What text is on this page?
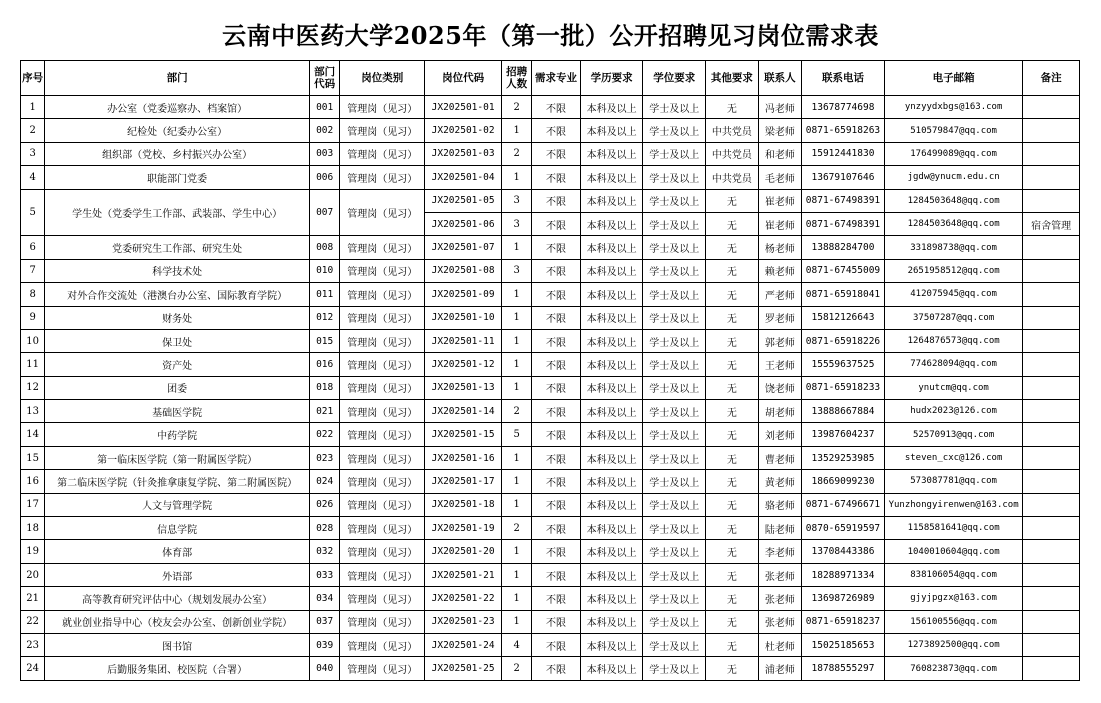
云南中医药大学2025年（第一批）公开招聘见习岗位需求表
序号	部门	部门代码	岗位类别	岗位代码	招聘人数	需求专业	学历要求	学位要求	其他要求	联系人	联系电话	电子邮箱	备注
1	办公室（党委巡察办、档案馆）	001	管理岗（见习）	JX202501-01	2	不限	本科及以上	学士及以上	无	冯老师	13678774698	ynzyydxbgs@163.com	
2	纪检处（纪委办公室）	002	管理岗（见习）	JX202501-02	1	不限	本科及以上	学士及以上	中共党员	梁老师	0871-65918263	510579847@qq.com	
3	组织部（党校、乡村振兴办公室）	003	管理岗（见习）	JX202501-03	2	不限	本科及以上	学士及以上	中共党员	和老师	15912441830	176499089@qq.com	
4	职能部门党委	006	管理岗（见习）	JX202501-04	1	不限	本科及以上	学士及以上	中共党员	毛老师	13679107646	jgdw@ynucm.edu.cn	
5	学生处（党委学生工作部、武装部、学生中心）	007	管理岗（见习）	JX202501-05	3	不限	本科及以上	学士及以上	无	崔老师	0871-67498391	1284503648@qq.com	
				JX202501-06	3	不限	本科及以上	学士及以上	无	崔老师	0871-67498391	1284503648@qq.com	宿舍管理
6	党委研究生工作部、研究生处	008	管理岗（见习）	JX202501-07	1	不限	本科及以上	学士及以上	无	杨老师	13888284700	331898738@qq.com	
7	科学技术处	010	管理岗（见习）	JX202501-08	3	不限	本科及以上	学士及以上	无	赖老师	0871-67455009	2651958512@qq.com	
8	对外合作交流处（港澳台办公室、国际教育学院）	011	管理岗（见习）	JX202501-09	1	不限	本科及以上	学士及以上	无	严老师	0871-65918041	412075945@qq.com	
9	财务处	012	管理岗（见习）	JX202501-10	1	不限	本科及以上	学士及以上	无	罗老师	15812126643	37507287@qq.com	
10	保卫处	015	管理岗（见习）	JX202501-11	1	不限	本科及以上	学士及以上	无	郭老师	0871-65918226	1264876573@qq.com	
11	资产处	016	管理岗（见习）	JX202501-12	1	不限	本科及以上	学士及以上	无	王老师	15559637525	774628094@qq.com	
12	团委	018	管理岗（见习）	JX202501-13	1	不限	本科及以上	学士及以上	无	饶老师	0871-65918233	ynutcm@qq.com	
13	基础医学院	021	管理岗（见习）	JX202501-14	2	不限	本科及以上	学士及以上	无	胡老师	13888667884	hudx2023@126.com	
14	中药学院	022	管理岗（见习）	JX202501-15	5	不限	本科及以上	学士及以上	无	刘老师	13987604237	52570913@qq.com	
15	第一临床医学院（第一附属医学院）	023	管理岗（见习）	JX202501-16	1	不限	本科及以上	学士及以上	无	曹老师	13529253985	steven_cxc@126.com	
16	第二临床医学院（针灸推拿康复学院、第二附属医院）	024	管理岗（见习）	JX202501-17	1	不限	本科及以上	学士及以上	无	黄老师	18669099230	573087781@qq.com	
17	人文与管理学院	026	管理岗（见习）	JX202501-18	1	不限	本科及以上	学士及以上	无	骆老师	0871-67496671	Yunzhongyirenwen@163.com	
18	信息学院	028	管理岗（见习）	JX202501-19	2	不限	本科及以上	学士及以上	无	陆老师	0870-65919597	1158581641@qq.com	
19	体育部	032	管理岗（见习）	JX202501-20	1	不限	本科及以上	学士及以上	无	李老师	13708443386	1040010604@qq.com	
20	外语部	033	管理岗（见习）	JX202501-21	1	不限	本科及以上	学士及以上	无	张老师	18288971334	838106054@qq.com	
21	高等教育研究评估中心（规划发展办公室）	034	管理岗（见习）	JX202501-22	1	不限	本科及以上	学士及以上	无	张老师	13698726989	gjyjpgzx@163.com	
22	就业创业指导中心（校友会办公室、创新创业学院）	037	管理岗（见习）	JX202501-23	1	不限	本科及以上	学士及以上	无	张老师	0871-65918237	156100556@qq.com	
23	图书馆	039	管理岗（见习）	JX202501-24	4	不限	本科及以上	学士及以上	无	杜老师	15025185653	1273892500@qq.com	
24	后勤服务集团、校医院（合署）	040	管理岗（见习）	JX202501-25	2	不限	本科及以上	学士及以上	无	浦老师	18788555297	760823873@qq.com	
